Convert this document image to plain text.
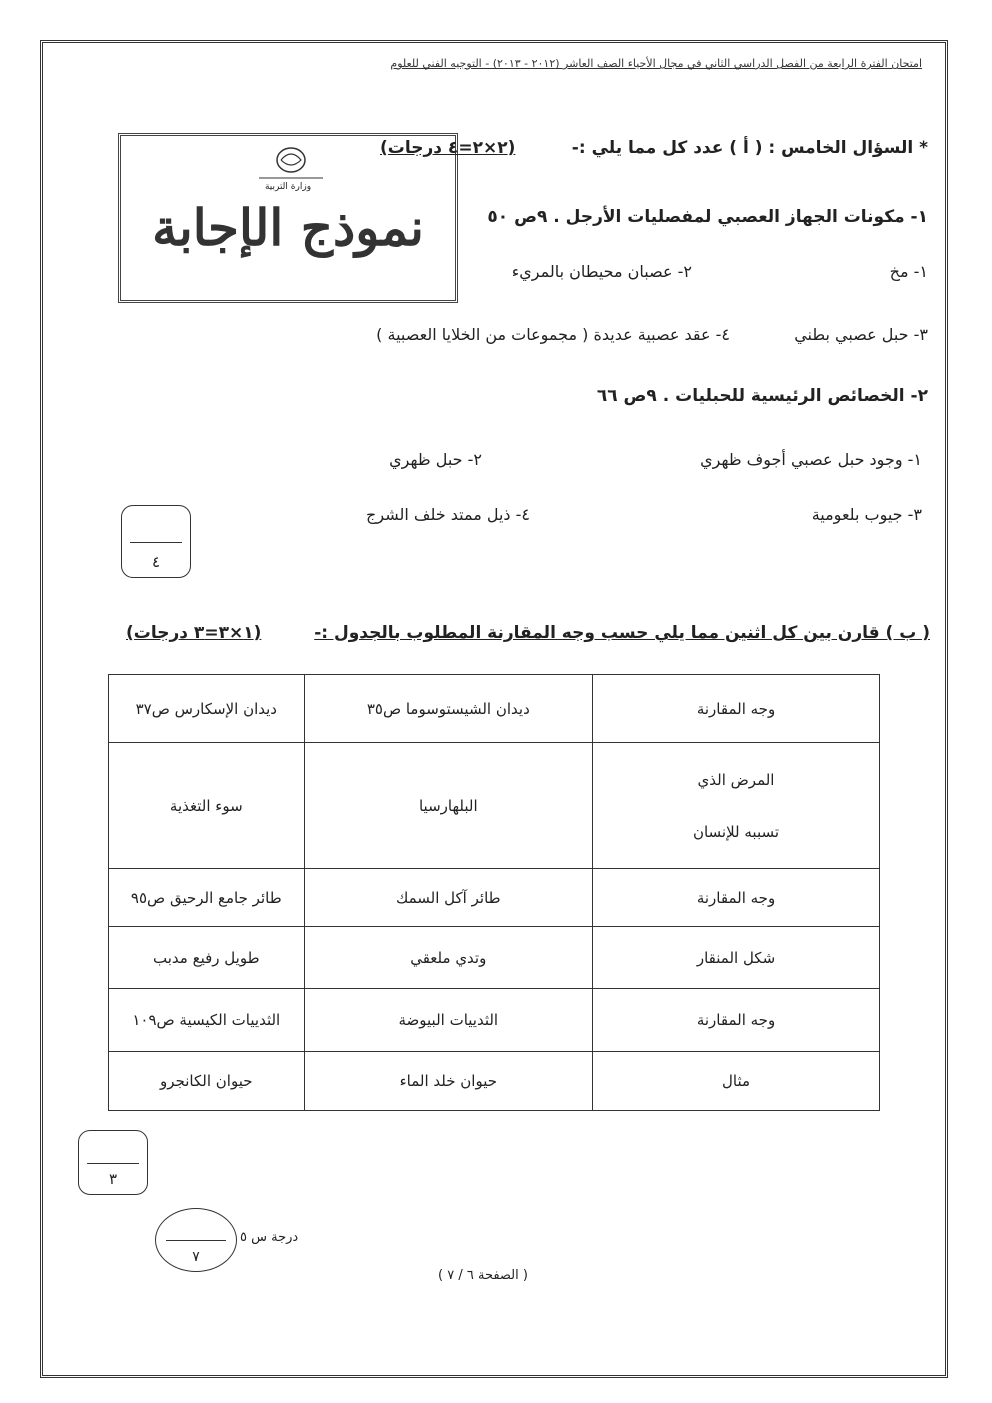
امتحان الفترة الرابعة من الفصل الدراسي الثاني في مجال الأحياء الصف العاشر (٢٠١٢ - ٢٠١٣) - التوجيه الفني للعلوم
وزارة التربية
نموذج الإجابة
* السؤال الخامس : ( أ ) عدد كل مما يلي :-
(٢×٢=٤ درجات)
١- مكونات الجهاز العصبي لمفصليات الأرجل . ٩ص ٥٠
١- مخ
٢- عصبان محيطان بالمريء
٣- حبل عصبي بطني
٤- عقد عصبية عديدة ( مجموعات من الخلايا العصبية )
٢- الخصائص الرئيسية للحبليات . ٩ص ٦٦
١- وجود حبل عصبي أجوف ظهري
٢- حبل ظهري
٣- جيوب بلعومية
٤- ذيل ممتد خلف الشرج
٤
( ب ) قارن بين كل اثنين مما يلي حسب وجه المقارنة المطلوب بالجدول :-
(١×٣=٣ درجات)
وجه المقارنة	ديدان الشيستوسوما ص٣٥	ديدان الإسكارس ص٣٧

المرض الذي
تسببه للإنسان	البلهارسيا	سوء التغذية
وجه المقارنة	طائر آكل السمك	طائر جامع الرحيق ص٩٥
شكل المنقار	وتدي ملعقي	طويل رفيع مدبب
وجه المقارنة	الثدييات البيوضة	الثدييات الكيسية ص١٠٩
مثال	حيوان خلد الماء	حيوان الكانجرو
٣
٧
درجة س ٥
( الصفحة ٦ / ٧ )
